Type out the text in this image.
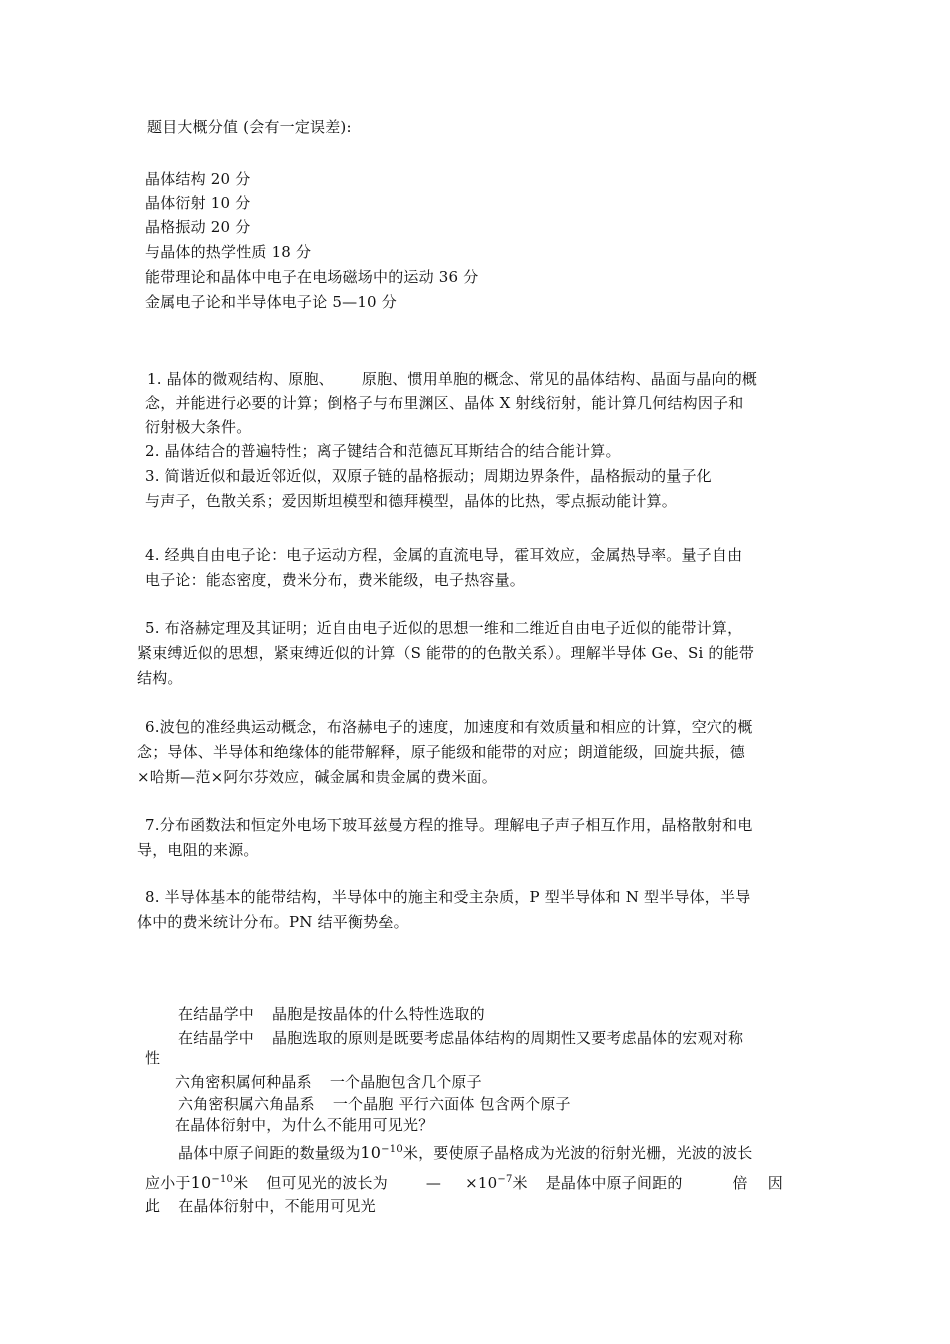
题目大概分值 (会有一定误差):
晶体结构 20 分
晶体衍射 10 分
晶格振动 20 分
与晶体的热学性质 18 分
能带理论和晶体中电子在电场磁场中的运动 36 分
金属电子论和半导体电子论 5—10 分
1. 晶体的微观结构、原胞、 原胞、惯用单胞的概念、常见的晶体结构、晶面与晶向的概
念，并能进行必要的计算；倒格子与布里渊区、晶体 X 射线衍射，能计算几何结构因子和
衍射极大条件。
2. 晶体结合的普遍特性；离子键结合和范德瓦耳斯结合的结合能计算。
3. 简谐近似和最近邻近似，双原子链的晶格振动；周期边界条件，晶格振动的量子化
与声子，色散关系；爱因斯坦模型和德拜模型，晶体的比热，零点振动能计算。
4. 经典自由电子论：电子运动方程，金属的直流电导，霍耳效应，金属热导率。量子自由
电子论：能态密度，费米分布，费米能级，电子热容量。
5. 布洛赫定理及其证明；近自由电子近似的思想一维和二维近自由电子近似的能带计算，
紧束缚近似的思想，紧束缚近似的计算（S 能带的的色散关系）。理解半导体 Ge、Si 的能带
结构。
6.波包的准经典运动概念，布洛赫电子的速度，加速度和有效质量和相应的计算，空穴的概
念；导体、半导体和绝缘体的能带解释，原子能级和能带的对应；朗道能级，回旋共振，德
×哈斯—范×阿尔芬效应，碱金属和贵金属的费米面。
7.分布函数法和恒定外电场下玻耳兹曼方程的推导。理解电子声子相互作用，晶格散射和电
导，电阻的来源。
8. 半导体基本的能带结构，半导体中的施主和受主杂质，P 型半导体和 N 型半导体，半导
体中的费米统计分布。PN 结平衡势垒。
在结晶学中 晶胞是按晶体的什么特性选取的
在结晶学中 晶胞选取的原则是既要考虑晶体结构的周期性又要考虑晶体的宏观对称
性
六角密积属何种晶系 一个晶胞包含几个原子
六角密积属六角晶系 一个晶胞 平行六面体 包含两个原子
在晶体衍射中，为什么不能用可见光？
晶体中原子间距的数量级为$10^{-10}$米，要使原子晶格成为光波的衍射光栅，光波的波长
应小于$10^{-10}$米 但可见光的波长为	— $\times 10^{-7}$米 是晶体中原子间距的	倍 因
此 在晶体衍射中，不能用可见光
